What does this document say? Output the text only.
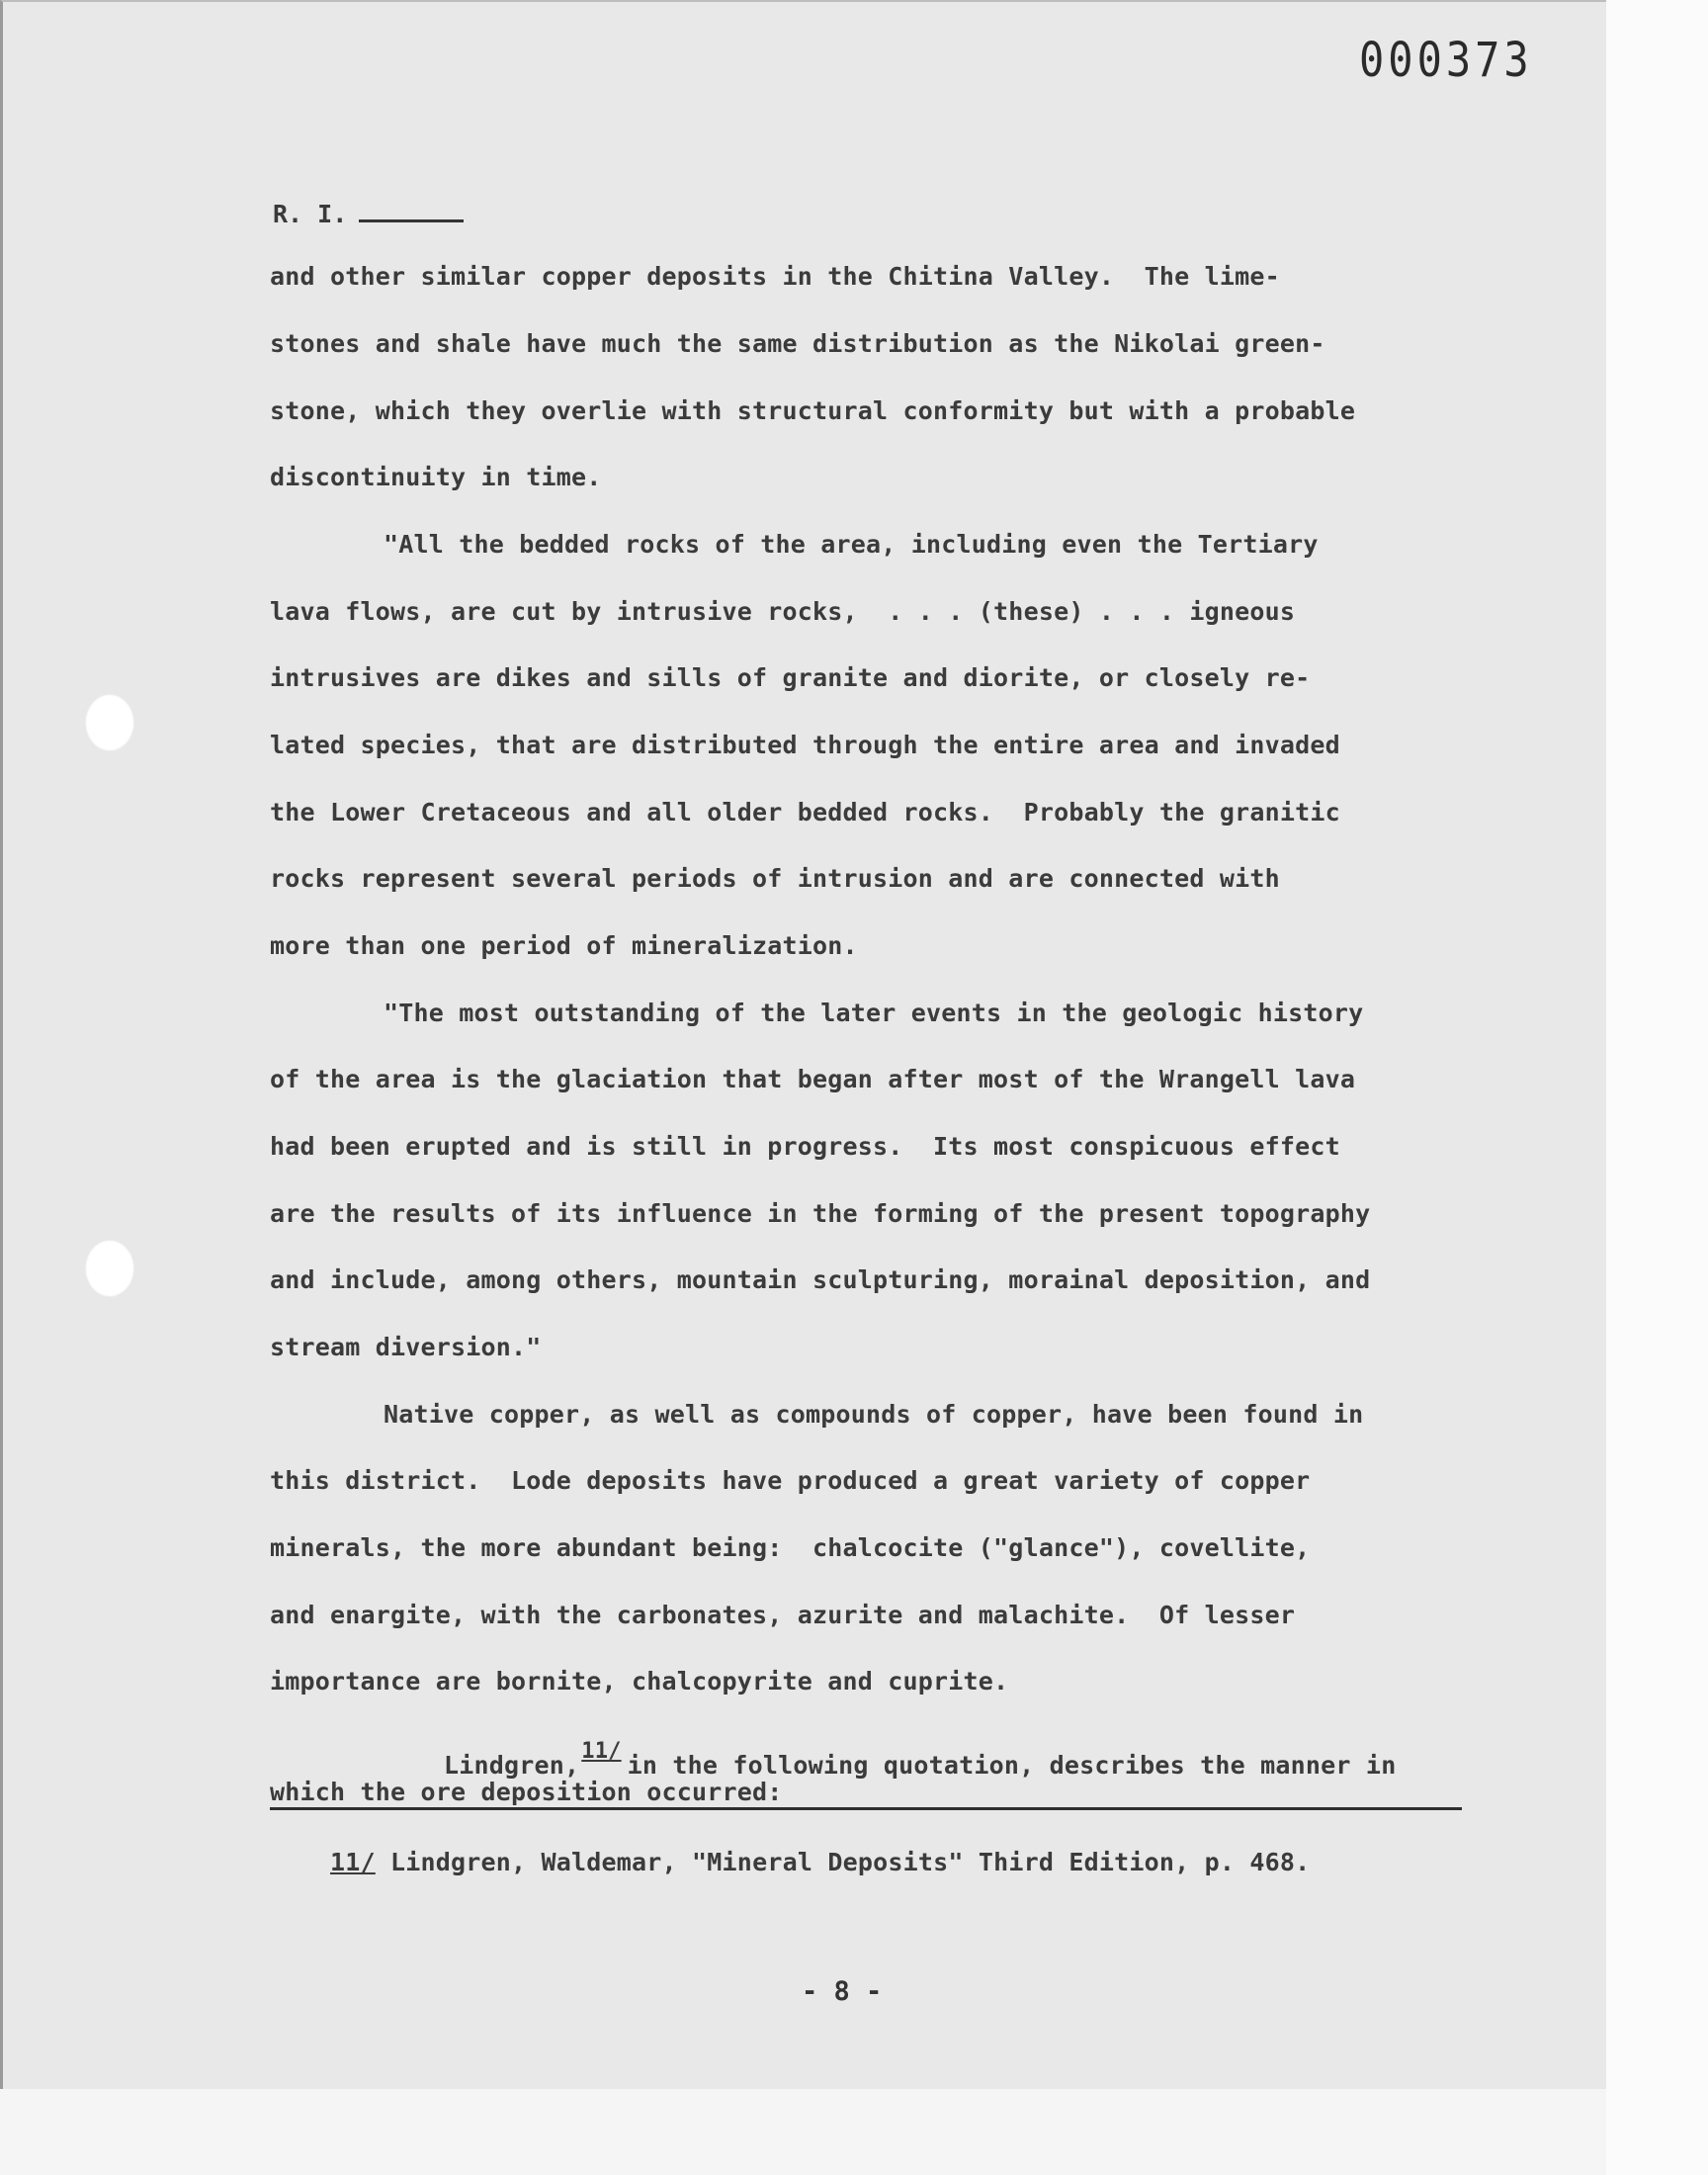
000373
R. I.
and other similar copper deposits in the Chitina Valley.  The lime-
stones and shale have much the same distribution as the Nikolai green-
stone, which they overlie with structural conformity but with a probable
discontinuity in time.
"All the bedded rocks of the area, including even the Tertiary
lava flows, are cut by intrusive rocks,  . . . (these) . . . igneous
intrusives are dikes and sills of granite and diorite, or closely re-
lated species, that are distributed through the entire area and invaded
the Lower Cretaceous and all older bedded rocks.  Probably the granitic
rocks represent several periods of intrusion and are connected with
more than one period of mineralization.
"The most outstanding of the later events in the geologic history
of the area is the glaciation that began after most of the Wrangell lava
had been erupted and is still in progress.  Its most conspicuous effect
are the results of its influence in the forming of the present topography
and include, among others, mountain sculpturing, morainal deposition, and
stream diversion."
Native copper, as well as compounds of copper, have been found in
this district.  Lode deposits have produced a great variety of copper
minerals, the more abundant being:  chalcocite ("glance"), covellite,
and enargite, with the carbonates, azurite and malachite.  Of lesser
importance are bornite, chalcopyrite and cuprite.

Lindgren,11/ in the following quotation, describes the manner in

which the ore deposition occurred:

11/ Lindgren, Waldemar, "Mineral Deposits" Third Edition, p. 468.

- 8 -
